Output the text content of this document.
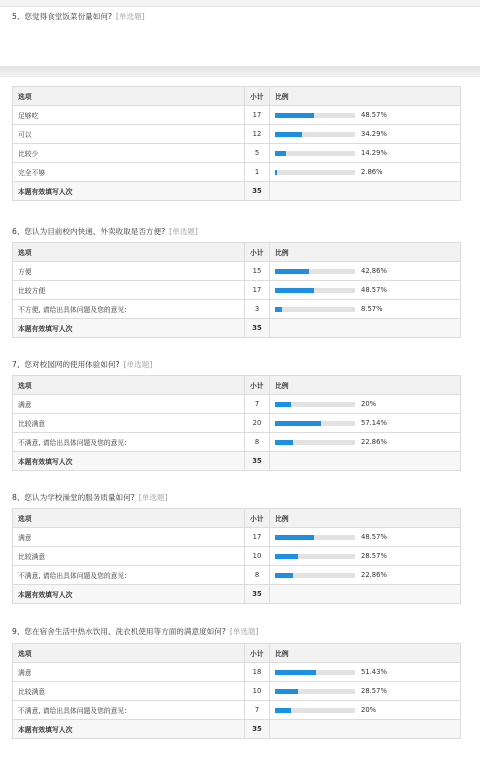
5、您觉得食堂饭菜份量如何? [单选题]
选项	小计	比例
足够吃	17	48.57%
可以	12	34.29%
比较少	5	14.29%
完全不够	1	2.86%
本题有效填写人次	35	
6、您认为目前校内快递、外卖收取是否方便? [单选题]
选项	小计	比例
方便	15	42.86%
比较方便	17	48.57%
不方便, 请给出具体问题及您的意见:	3	8.57%
本题有效填写人次	35	
7、您对校园网的使用体验如何? [单选题]
选项	小计	比例
满意	7	20%
比较满意	20	57.14%
不满意, 请给出具体问题及您的意见:	8	22.86%
本题有效填写人次	35	
8、您认为学校澡堂的服务质量如何? [单选题]
选项	小计	比例
满意	17	48.57%
比较满意	10	28.57%
不满意, 请给出具体问题及您的意见:	8	22.86%
本题有效填写人次	35	
9、您在宿舍生活中热水饮用、洗衣机使用等方面的满意度如何? [单选题]
选项	小计	比例
满意	18	51.43%
比较满意	10	28.57%
不满意, 请给出具体问题及您的意见:	7	20%
本题有效填写人次	35	
